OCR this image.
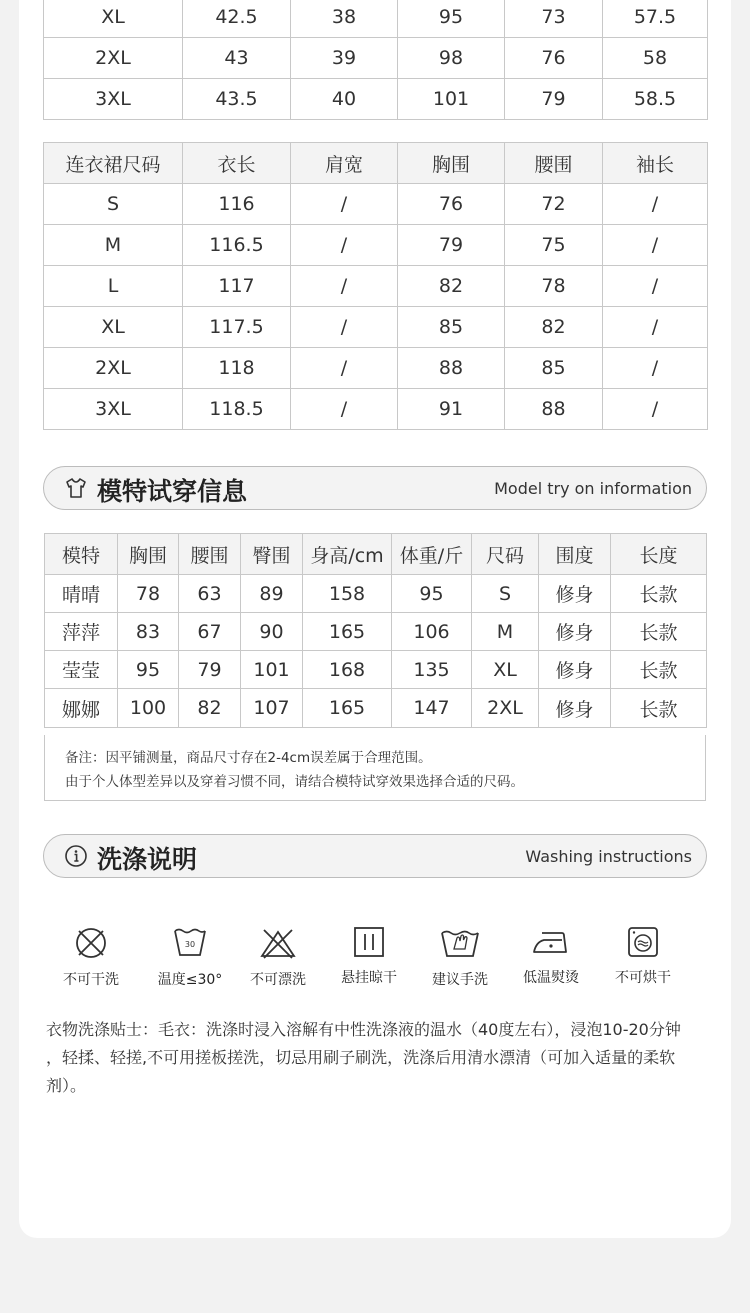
XL	42.5	38	95	73	57.5
2XL	43	39	98	76	58
3XL	43.5	40	101	79	58.5
连衣裙尺码	衣长	肩宽	胸围	腰围	袖长
S	116	/	76	72	/
M	116.5	/	79	75	/
L	117	/	82	78	/
XL	117.5	/	85	82	/
2XL	118	/	88	85	/
3XL	118.5	/	91	88	/
模特试穿信息	Model try on information
模特	胸围	腰围	臀围	身高/cm	体重/斤	尺码	围度	长度
晴晴	78	63	89	158	95	S	修身	长款
萍萍	83	67	90	165	106	M	修身	长款
莹莹	95	79	101	168	135	XL	修身	长款
娜娜	100	82	107	165	147	2XL	修身	长款
备注：因平铺测量，商品尺寸存在2-4cm误差属于合理范围。
由于个人体型差异以及穿着习惯不同，请结合模特试穿效果选择合适的尺码。
洗涤说明	Washing instructions
不可干洗
30
温度≤30°	不可漂洗	悬挂晾干	建议手洗	低温熨烫	不可烘干
衣物洗涤贴士：毛衣：洗涤时浸入溶解有中性洗涤液的温水（40度左右），浸泡10-20分钟
，轻揉、轻搓,不可用搓板搓洗，切忌用刷子刷洗，洗涤后用清水漂清（可加入适量的柔软
剂）。
